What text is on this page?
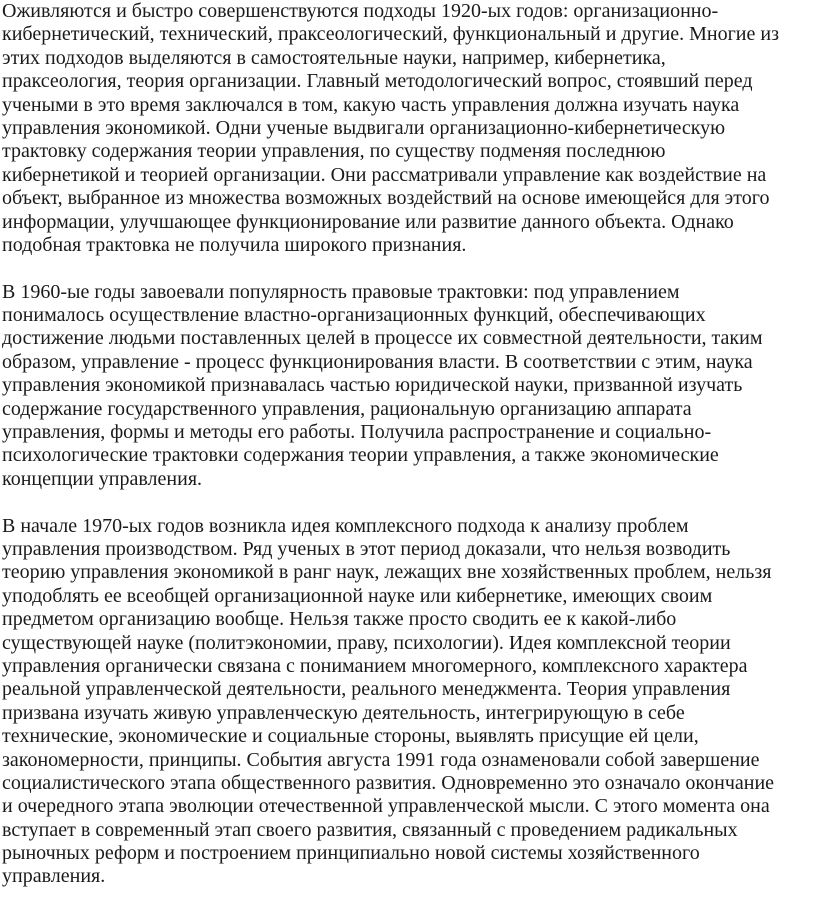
Оживляются и быстро совершенствуются подходы 1920-ых годов: организационно-
кибернетический, технический, праксеологический, функциональный и другие. Многие из
этих подходов выделяются в самостоятельные науки, например, кибернетика,
праксеология, теория организации. Главный методологический вопрос, стоявший перед
учеными в это время заключался в том, какую часть управления должна изучать наука
управления экономикой. Одни ученые выдвигали организационно-кибернетическую
трактовку содержания теории управления, по существу подменяя последнюю
кибернетикой и теорией организации. Они рассматривали управление как воздействие на
объект, выбранное из множества возможных воздействий на основе имеющейся для этого
информации, улучшающее функционирование или развитие данного объекта. Однако
подобная трактовка не получила широкого признания.
В 1960-ые годы завоевали популярность правовые трактовки: под управлением
понималось осуществление властно-организационных функций, обеспечивающих
достижение людьми поставленных целей в процессе их совместной деятельности, таким
образом, управление - процесс функционирования власти. В соответствии с этим, наука
управления экономикой признавалась частью юридической науки, призванной изучать
содержание государственного управления, рациональную организацию аппарата
управления, формы и методы его работы. Получила распространение и социально-
психологические трактовки содержания теории управления, а также экономические
концепции управления.
В начале 1970-ых годов возникла идея комплексного подхода к анализу проблем
управления производством. Ряд ученых в этот период доказали, что нельзя возводить
теорию управления экономикой в ранг наук, лежащих вне хозяйственных проблем, нельзя
уподоблять ее всеобщей организационной науке или кибернетике, имеющих своим
предметом организацию вообще. Нельзя также просто сводить ее к какой-либо
существующей науке (политэкономии, праву, психологии). Идея комплексной теории
управления органически связана с пониманием многомерного, комплексного характера
реальной управленческой деятельности, реального менеджмента. Теория управления
призвана изучать живую управленческую деятельность, интегрирующую в себе
технические, экономические и социальные стороны, выявлять присущие ей цели,
закономерности, принципы. События августа 1991 года ознаменовали собой завершение
социалистического этапа общественного развития. Одновременно это означало окончание
и очередного этапа эволюции отечественной управленческой мысли. С этого момента она
вступает в современный этап своего развития, связанный с проведением радикальных
рыночных реформ и построением принципиально новой системы хозяйственного
управления.
